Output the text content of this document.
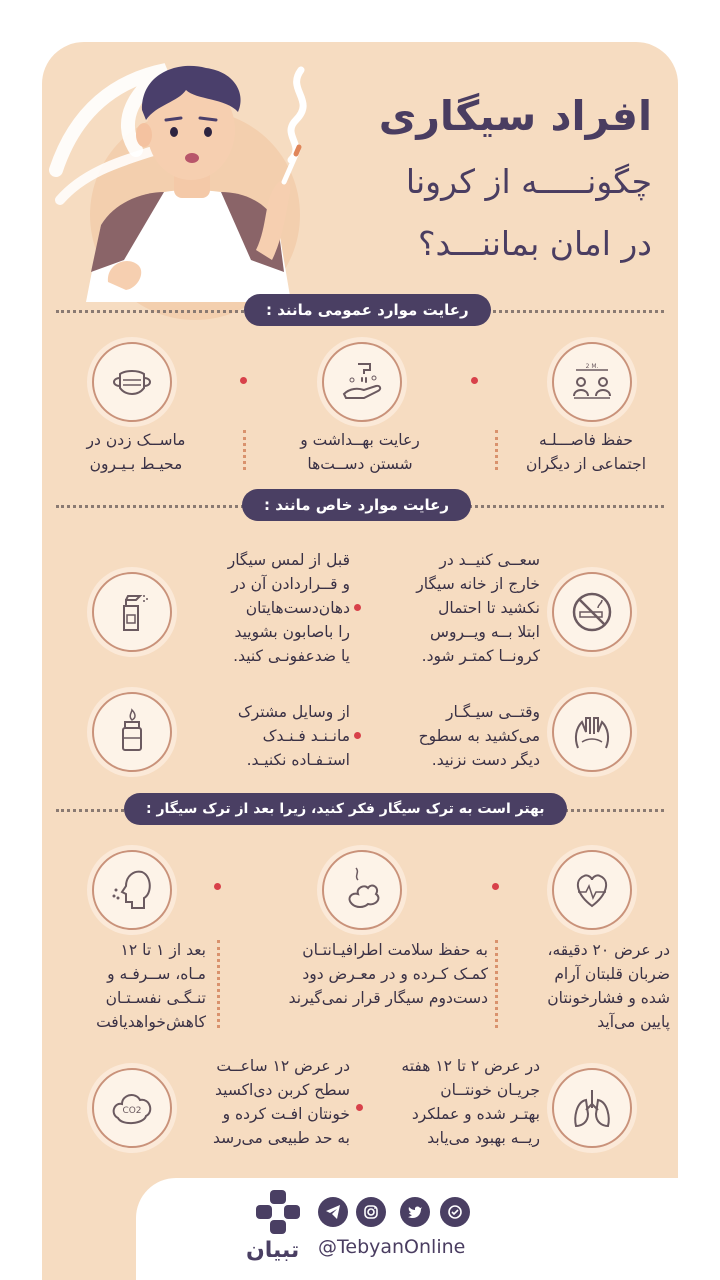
افراد سیگاری
چگونـــــه از کرونا
در امان بماننـــد؟
رعایت موارد عمومی مانند :
2 M.
حفظ فاصـــلـه
اجتماعی از دیگران
رعایت بهــداشت و
شستن دســت‌ها
ماســک زدن در
محیـط بـیـرون
رعایت موارد خاص مانند :
سعــی کنیــد در
خارج از خانه سیگار
نکشید تا احتمال
ابتلا بــه ویــروس
کرونــا کمتـر شود.
قبل از لمس سیگار
و قــراردادن آن در
دهان‌دست‌هایتان
را باصابون بشویید
یا ضدعفونـی کنید.
وقتــی سیـگـار
می‌کشید به سطوح
دیگر دست نزنید.
از وسایل مشترک
مانـنـد فـنـدک
استـفـاده نکنیـد.
بهتر است به ترک سیگار فکر کنید، زیرا بعد از ترک سیگار :
در عرض ۲۰ دقیقه،
ضربان قلبتان آرام
شده و فشارخونتان
پایین می‌آید
به حفظ سلامت اطرافیـانتـان
کمـک کـرده و در معـرض دود
دست‌دوم سیگار قرار نمی‌گیرند
بعد از ۱ تا ۱۲
مـاه، ســرفـه و
تنـگـی نفسـتـان
کاهش‌خواهدیافت
CO2
در عرض ۲ تا ۱۲ هفته
جریـان خونتــان
بهتـر شده و عملکرد
ریــه بهبود می‌یابد
در عرض ۱۲ ساعــت
سطح کربن دی‌اکسید
خونتان افـت کرده و
به حد طبیعی می‌رسد
تبیان @TebyanOnline
